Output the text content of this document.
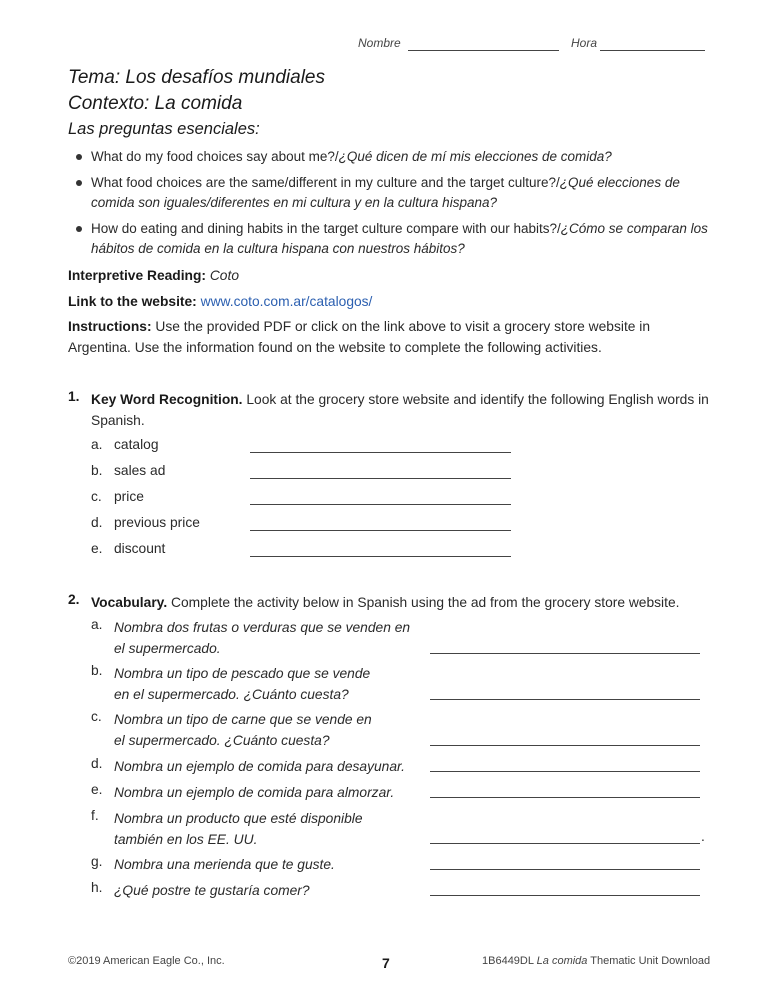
Nombre	Hora
Tema: Los desafíos mundiales
Contexto: La comida
Las preguntas esenciales:
What do my food choices say about me?/¿Qué dicen de mí mis elecciones de comida?
What food choices are the same/different in my culture and the target culture?/¿Qué elecciones de comida son iguales/diferentes en mi cultura y en la cultura hispana?
How do eating and dining habits in the target culture compare with our habits?/¿Cómo se comparan los hábitos de comida en la cultura hispana con nuestros hábitos?
Interpretive Reading: Coto
Link to the website: www.coto.com.ar/catalogos/
Instructions: Use the provided PDF or click on the link above to visit a grocery store website in Argentina. Use the information found on the website to complete the following activities.
1. Key Word Recognition. Look at the grocery store website and identify the following English words in Spanish.
a. catalog
b. sales ad
c. price
d. previous price
e. discount
2. Vocabulary. Complete the activity below in Spanish using the ad from the grocery store website.
a. Nombra dos frutas o verduras que se venden en
el supermercado.
b. Nombra un tipo de pescado que se vende
en el supermercado. ¿Cuánto cuesta?
c. Nombra un tipo de carne que se vende en
el supermercado. ¿Cuánto cuesta?
d. Nombra un ejemplo de comida para desayunar.
e. Nombra un ejemplo de comida para almorzar.
f. Nombra un producto que esté disponible
también en los EE. UU.	.
g. Nombra una merienda que te guste.
h. ¿Qué postre te gustaría comer?
©2019 American Eagle Co., Inc.	7	1B6449DL La comida Thematic Unit Download
